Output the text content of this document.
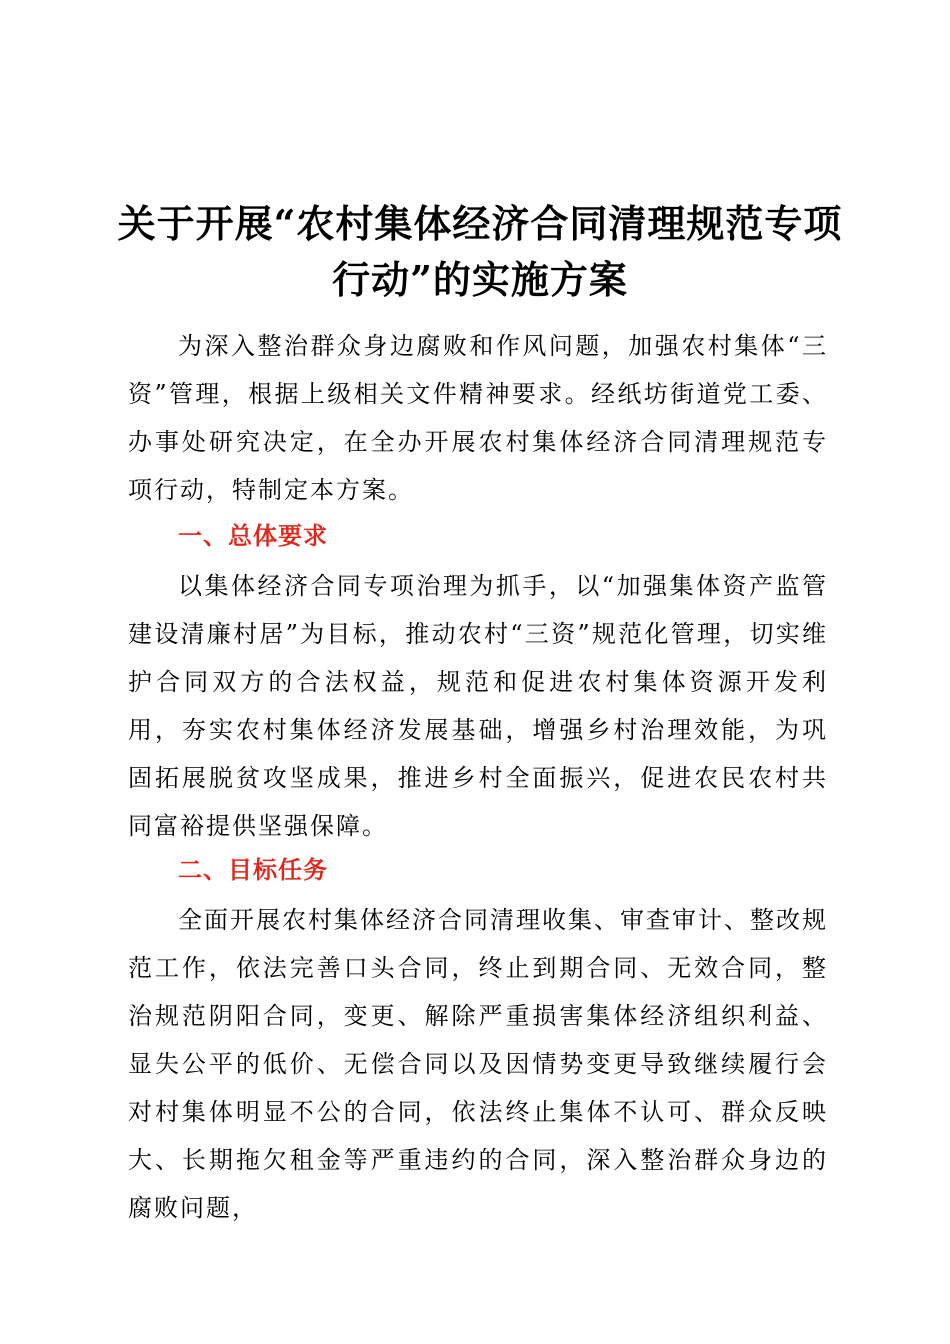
关于开展“农村集体经济合同清理规范专项行动”的实施方案

为深入整治群众身边腐败和作风问题，加强农村集体“三资”管理，根据上级相关文件精神要求。经纸坊街道党工委、办事处研究决定，在全办开展农村集体经济合同清理规范专项行动，特制定本方案。

一、总体要求

以集体经济合同专项治理为抓手，以“加强集体资产监管建设清廉村居”为目标，推动农村“三资”规范化管理，切实维护合同双方的合法权益，规范和促进农村集体资源开发利用，夯实农村集体经济发展基础，增强乡村治理效能，为巩固拓展脱贫攻坚成果，推进乡村全面振兴，促进农民农村共同富裕提供坚强保障。

二、目标任务

全面开展农村集体经济合同清理收集、审查审计、整改规范工作，依法完善口头合同，终止到期合同、无效合同，整治规范阴阳合同，变更、解除严重损害集体经济组织利益、显失公平的低价、无偿合同以及因情势变更导致继续履行会对村集体明显不公的合同，依法终止集体不认可、群众反映大、长期拖欠租金等严重违约的合同，深入整治群众身边的腐败问题，
